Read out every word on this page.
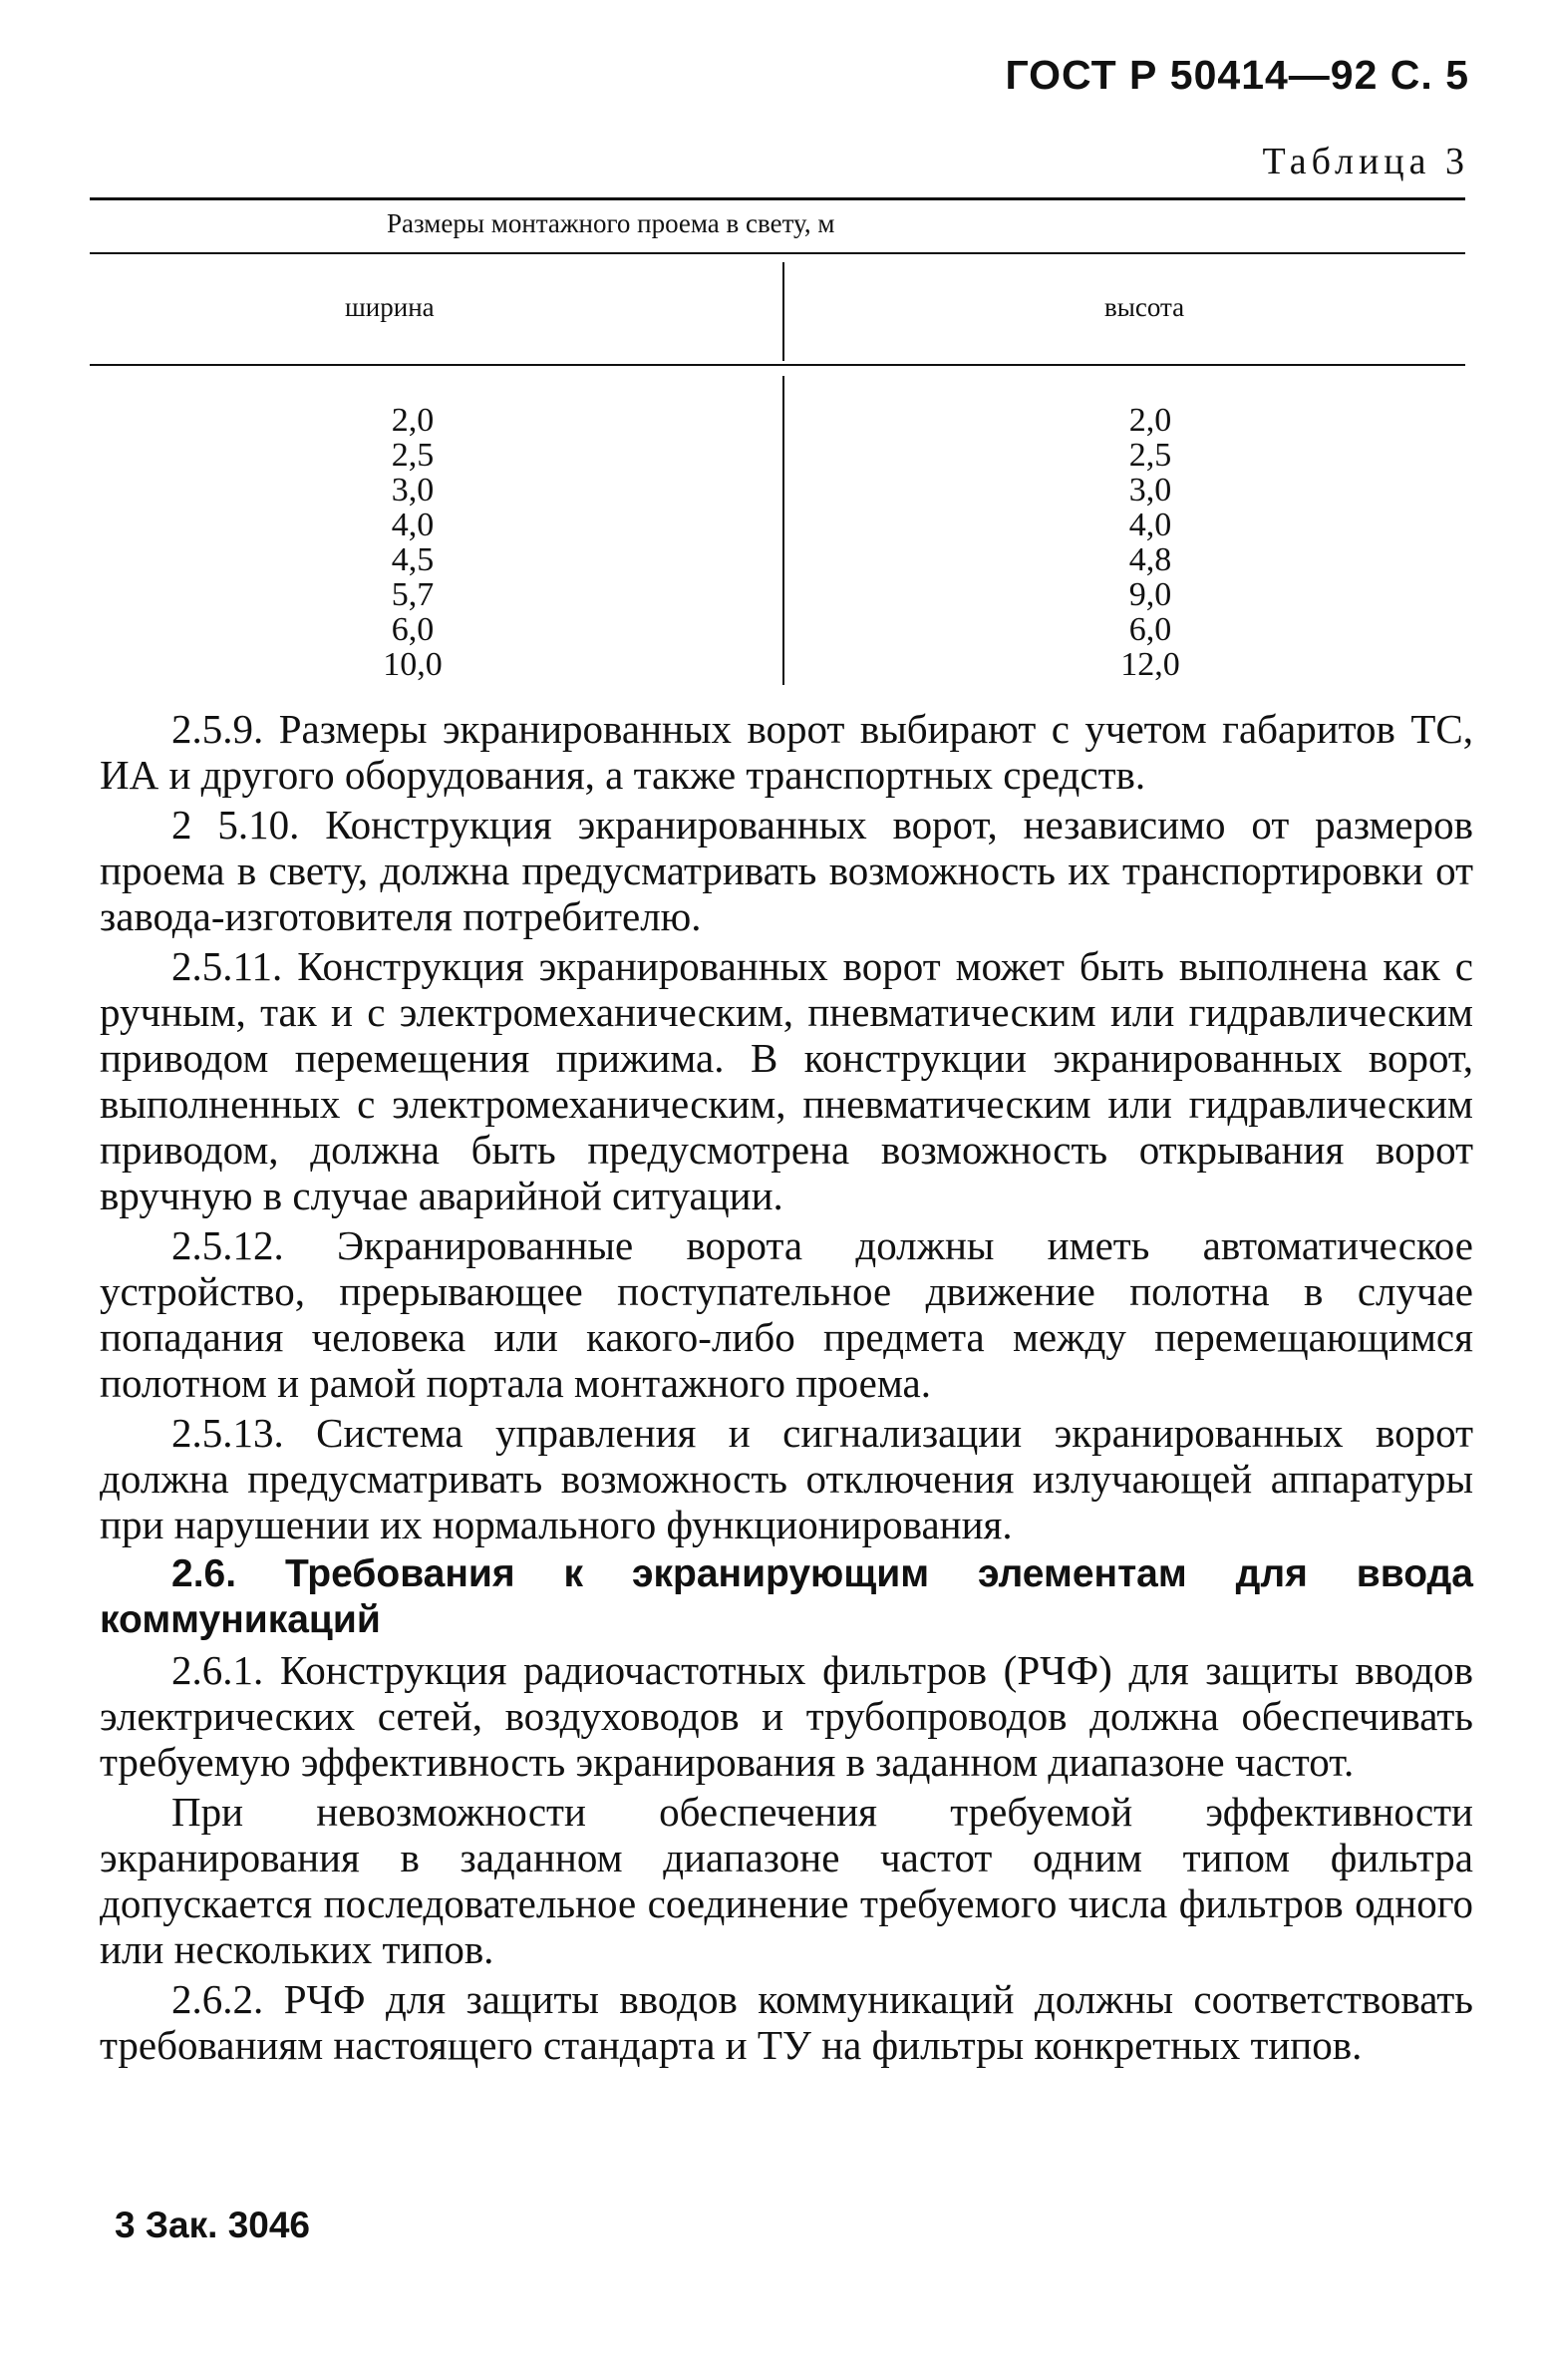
ГОСТ Р 50414—92 С. 5
Таблица 3
Размеры монтажного проема в свету, м
ширина	высота
2,0
2,5
3,0
4,0
4,5
5,7
6,0
10,0
2,0
2,5
3,0
4,0
4,8
9,0
6,0
12,0

2.5.9. Размеры экранированных ворот выбирают с учетом габаритов ТС, ИА и другого оборудования, а также транспортных средств.

2 5.10. Конструкция экранированных ворот, независимо от размеров проема в свету, должна предусматривать возможность их транспортировки от завода-изготовителя потребителю.

2.5.11. Конструкция экранированных ворот может быть выполнена как с ручным, так и с электромеханическим, пневматическим или гидравлическим приводом перемещения прижима. В конструкции экранированных ворот, выполненных с электромеханическим, пневматическим или гидравлическим приводом, должна быть предусмотрена возможность открывания ворот вручную в случае аварийной ситуации.

2.5.12. Экранированные ворота должны иметь автоматическое устройство, прерывающее поступательное движение полотна в случае попадания человека или какого-либо предмета между перемещающимся полотном и рамой портала монтажного проема.

2.5.13. Система управления и сигнализации экранированных ворот должна предусматривать возможность отключения излучающей аппаратуры при нарушении их нормального функционирования.

2.6. Требования к экранирующим элементам для ввода коммуникаций

2.6.1. Конструкция радиочастотных фильтров (РЧФ) для защиты вводов электрических сетей, воздуховодов и трубопроводов должна обеспечивать требуемую эффективность экранирования в заданном диапазоне частот.

При невозможности обеспечения требуемой эффективности экранирования в заданном диапазоне частот одним типом фильтра допускается последовательное соединение требуемого числа фильтров одного или нескольких типов.

2.6.2. РЧФ для защиты вводов коммуникаций должны соответствовать требованиям настоящего стандарта и ТУ на фильтры конкретных типов.

3 Зак. 3046
